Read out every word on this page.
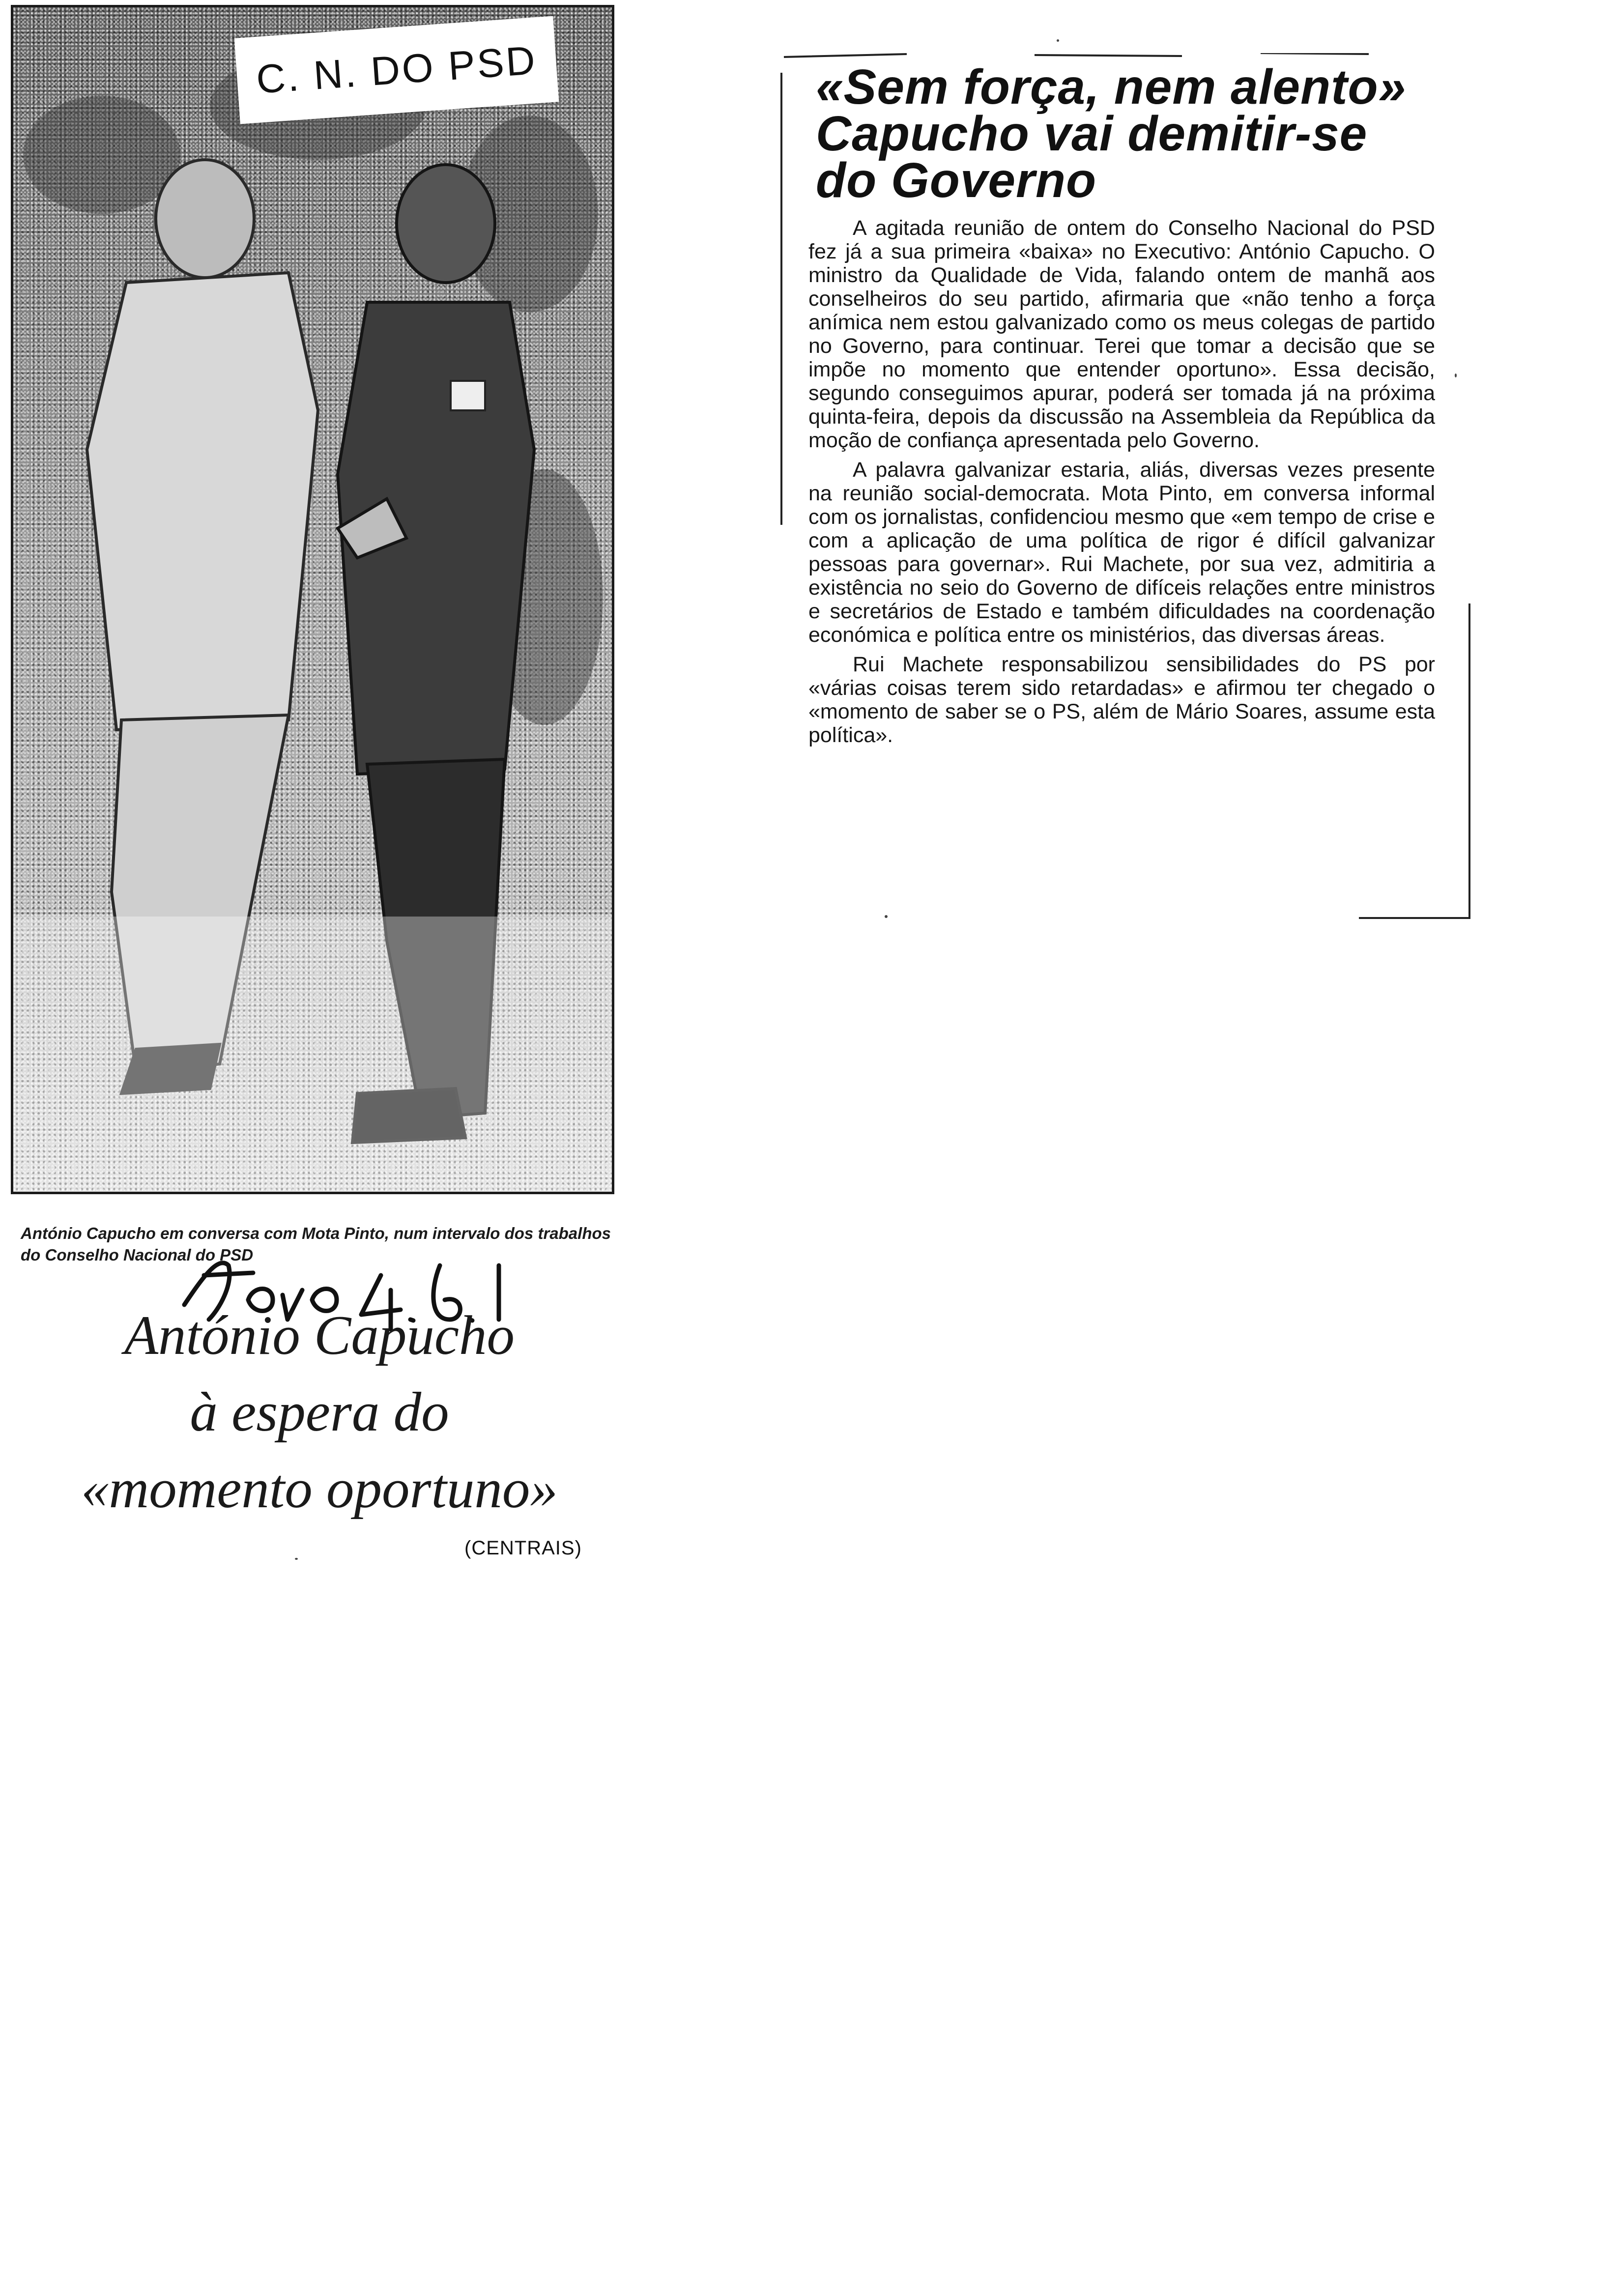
C. N. DO PSD
António Capucho em conversa com Mota Pinto, num intervalo dos trabalhos do Conselho Nacional do PSD
António Capucho
à espera do
«momento oportuno»
(CENTRAIS)
«Sem força, nem alento»
Capucho vai demitir-se
do Governo

A agitada reunião de ontem do Conselho Nacional do PSD fez já a sua primeira «baixa» no Executivo: António Capucho. O ministro da Qualidade de Vida, falando ontem de manhã aos conselheiros do seu partido, afirmaria que «não tenho a força anímica nem estou galvanizado como os meus colegas de partido no Governo, para continuar. Terei que tomar a decisão que se impõe no momento que entender oportuno». Essa decisão, segundo conseguimos apurar, poderá ser tomada já na próxima quinta-feira, depois da discussão na Assembleia da República da moção de confiança apresentada pelo Governo.

A palavra galvanizar estaria, aliás, diversas vezes presente na reunião social-democrata. Mota Pinto, em conversa informal com os jornalistas, confidenciou mesmo que «em tempo de crise e com a aplicação de uma política de rigor é difícil galvanizar pessoas para governar». Rui Machete, por sua vez, admitiria a existência no seio do Governo de difíceis relações entre ministros e secretários de Estado e também dificuldades na coordenação económica e política entre os ministérios, das diversas áreas.

Rui Machete responsabilizou sensibilidades do PS por «várias coisas terem sido retardadas» e afirmou ter chegado o «momento de saber se o PS, além de Mário Soares, assume esta política».
